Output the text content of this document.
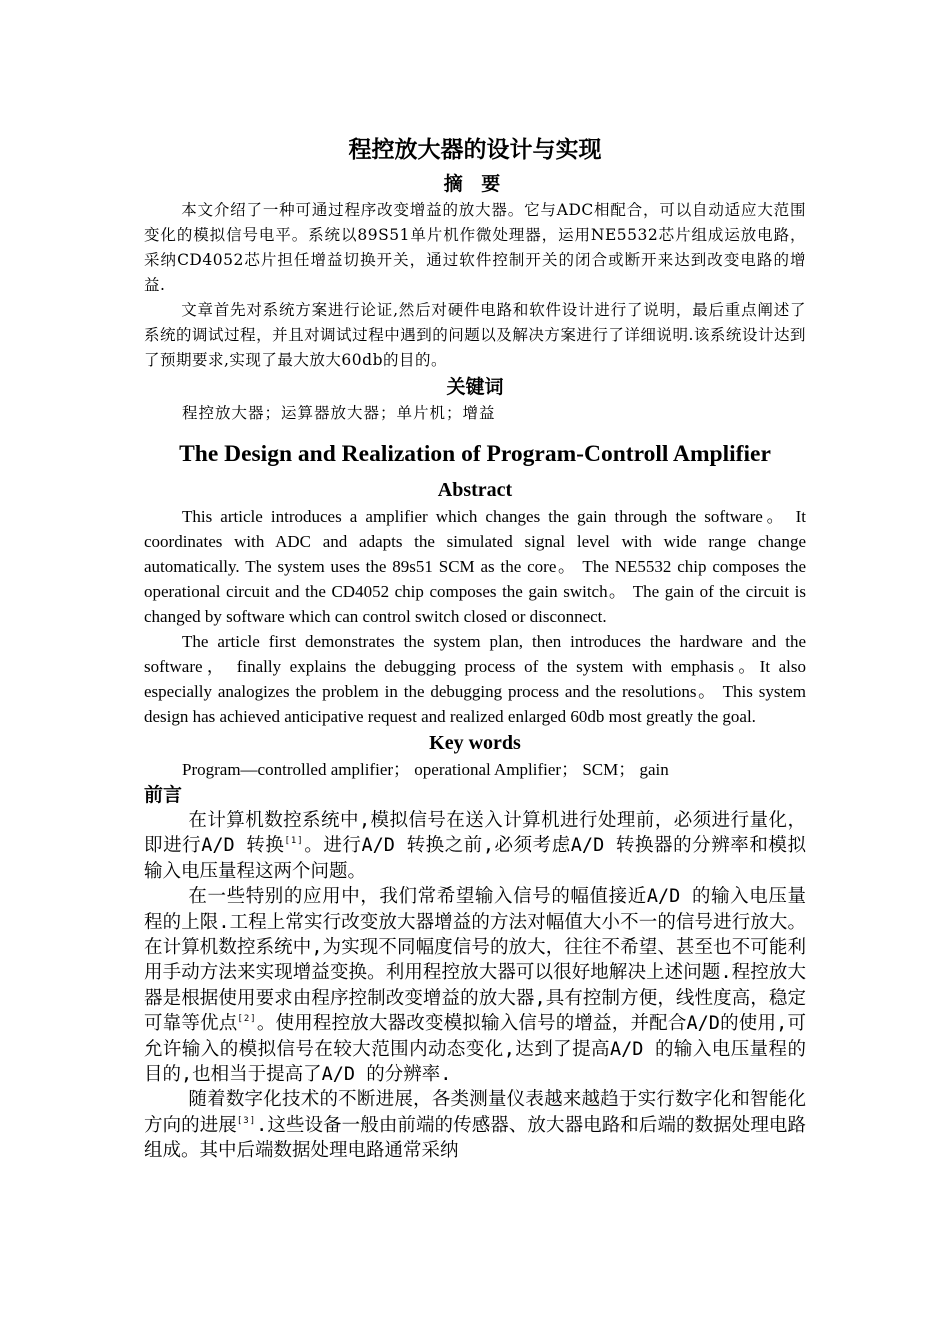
程控放大器的设计与实现
摘 要

本文介绍了一种可通过程序改变增益的放大器。它与ADC相配合，可以自动适应大范围变化的模拟信号电平。系统以89S51单片机作微处理器，运用NE5532芯片组成运放电路，采纳CD4052芯片担任增益切换开关，通过软件控制开关的闭合或断开来达到改变电路的增益.

文章首先对系统方案进行论证,然后对硬件电路和软件设计进行了说明，最后重点阐述了系统的调试过程，并且对调试过程中遇到的问题以及解决方案进行了详细说明.该系统设计达到了预期要求,实现了最大放大60db的目的。

关键词

程控放大器；运算器放大器；单片机；增益

The Design and Realization of Program-Controll Amplifier
Abstract

This article introduces a amplifier which changes the gain through the software。 It coordinates with ADC and adapts the simulated signal level with wide range change automatically. The system uses the 89s51 SCM as the core。 The NE5532 chip composes the operational circuit and the CD4052 chip composes the gain switch。 The gain of the circuit is changed by software which can control switch closed or disconnect.

The article first demonstrates the system plan, then introduces the hardware and the software， finally explains the debugging process of the system with emphasis。It also especially analogizes the problem in the debugging process and the resolutions。 This system design has achieved anticipative request and realized enlarged 60db most greatly the goal.

Key words

Program—controlled amplifier； operational Amplifier； SCM； gain

前言

在计算机数控系统中,模拟信号在送入计算机进行处理前，必须进行量化，即进行A/D 转换[1]。进行A/D 转换之前,必须考虑A/D 转换器的分辨率和模拟输入电压量程这两个问题。

在一些特别的应用中，我们常希望输入信号的幅值接近A/D 的输入电压量程的上限.工程上常实行改变放大器增益的方法对幅值大小不一的信号进行放大。在计算机数控系统中,为实现不同幅度信号的放大，往往不希望、甚至也不可能利用手动方法来实现增益变换。利用程控放大器可以很好地解决上述问题.程控放大器是根据使用要求由程序控制改变增益的放大器,具有控制方便，线性度高，稳定可靠等优点[2]。使用程控放大器改变模拟输入信号的增益，并配合A/D的使用,可允许输入的模拟信号在较大范围内动态变化,达到了提高A/D 的输入电压量程的目的,也相当于提高了A/D 的分辨率.

随着数字化技术的不断进展，各类测量仪表越来越趋于实行数字化和智能化方向的进展[3].这些设备一般由前端的传感器、放大器电路和后端的数据处理电路组成。其中后端数据处理电路通常采纳
